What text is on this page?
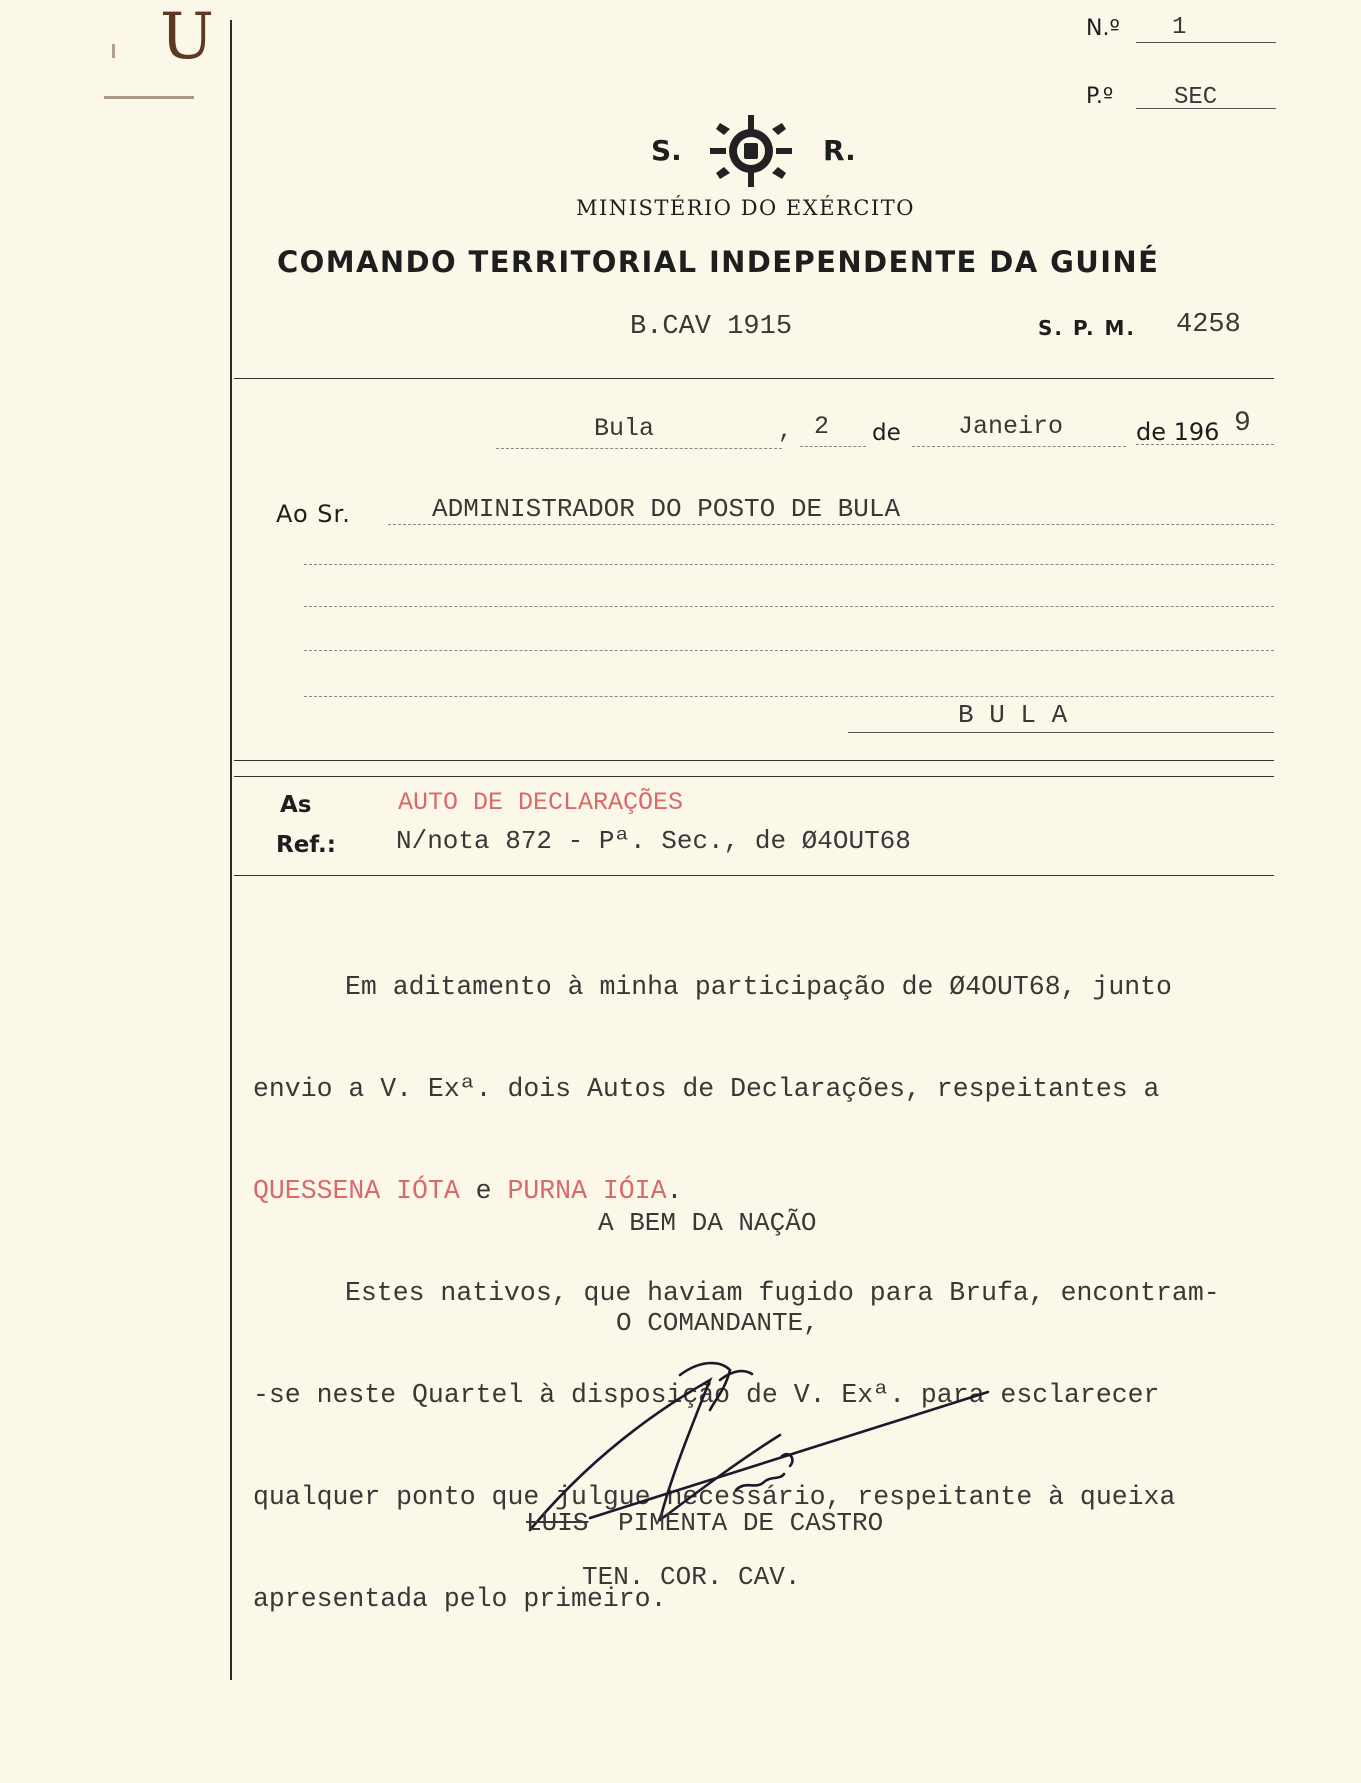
U	N.º 1
P.º	SEC
S.	R.
MINISTÉRIO DO EXÉRCITO
COMANDO TERRITORIAL INDEPENDENTE DA GUINÉ
B.CAV 1915	S. P. M. 4258
Bula	, 2 de Janeiro	de 196 9
Ao Sr.	ADMINISTRADOR DO POSTO DE BULA
B U L A
As	AUTO DE DECLARAÇÕES
Ref.: N/nota 872 - Pª. Sec., de Ø4OUT68

Em aditamento à minha participação de Ø4OUT68, junto

envio a V. Exª. dois Autos de Declarações, respeitantes a

QUESSENA IÓTA e PURNA IÓIA.

Estes nativos, que haviam fugido para Brufa, encontram-

-se neste Quartel à disposição de V. Exª. para esclarecer

qualquer ponto que julgue necessário, respeitante à queixa

apresentada pelo primeiro.

A BEM DA NAÇÃO
O COMANDANTE,
LUIS PIMENTA DE CASTRO
TEN. COR. CAV.
